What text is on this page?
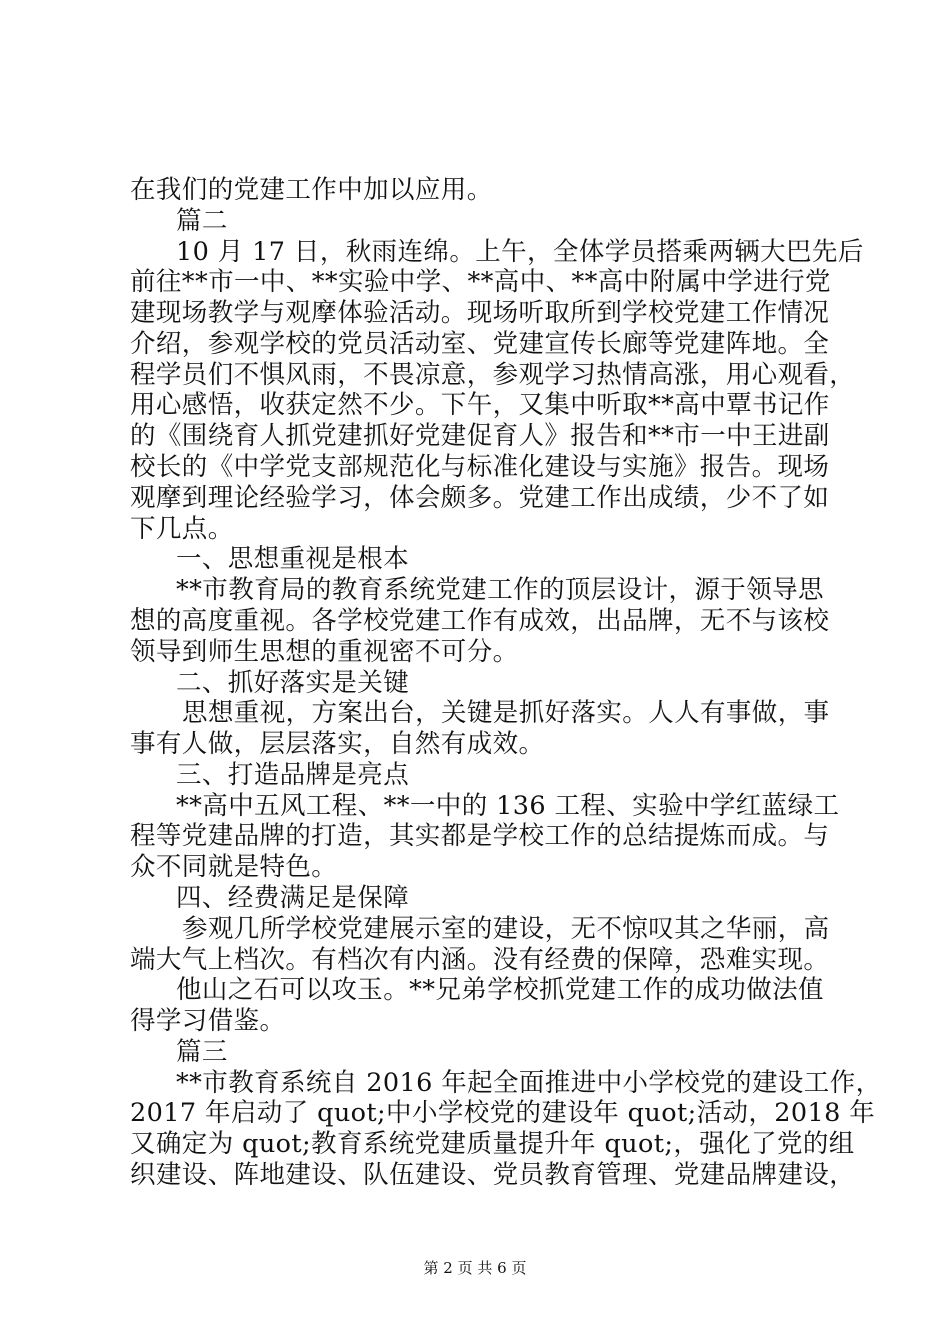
在我们的党建工作中加以应用。
篇二
10 月 17 日，秋雨连绵。上午，全体学员搭乘两辆大巴先后
前往**市一中、**实验中学、**高中、**高中附属中学进行党
建现场教学与观摩体验活动。现场听取所到学校党建工作情况
介绍，参观学校的党员活动室、党建宣传长廊等党建阵地。全
程学员们不惧风雨，不畏凉意，参观学习热情高涨，用心观看，
用心感悟，收获定然不少。下午，又集中听取**高中覃书记作
的《围绕育人抓党建抓好党建促育人》报告和**市一中王进副
校长的《中学党支部规范化与标准化建设与实施》报告。现场
观摩到理论经验学习，体会颇多。党建工作出成绩，少不了如
下几点。
一、思想重视是根本
**市教育局的教育系统党建工作的顶层设计，源于领导思
想的高度重视。各学校党建工作有成效，出品牌，无不与该校
领导到师生思想的重视密不可分。
二、抓好落实是关键
思想重视，方案出台，关键是抓好落实。人人有事做，事
事有人做，层层落实，自然有成效。
三、打造品牌是亮点
**高中五风工程、**一中的 136 工程、实验中学红蓝绿工
程等党建品牌的打造，其实都是学校工作的总结提炼而成。与
众不同就是特色。
四、经费满足是保障
参观几所学校党建展示室的建设，无不惊叹其之华丽，高
端大气上档次。有档次有内涵。没有经费的保障，恐难实现。
他山之石可以攻玉。**兄弟学校抓党建工作的成功做法值
得学习借鉴。
篇三
**市教育系统自 2016 年起全面推进中小学校党的建设工作，
2017 年启动了 quot;中小学校党的建设年 quot;活动，2018 年
又确定为 quot;教育系统党建质量提升年 quot;，强化了党的组
织建设、阵地建设、队伍建设、党员教育管理、党建品牌建设，
第 2 页 共 6 页
